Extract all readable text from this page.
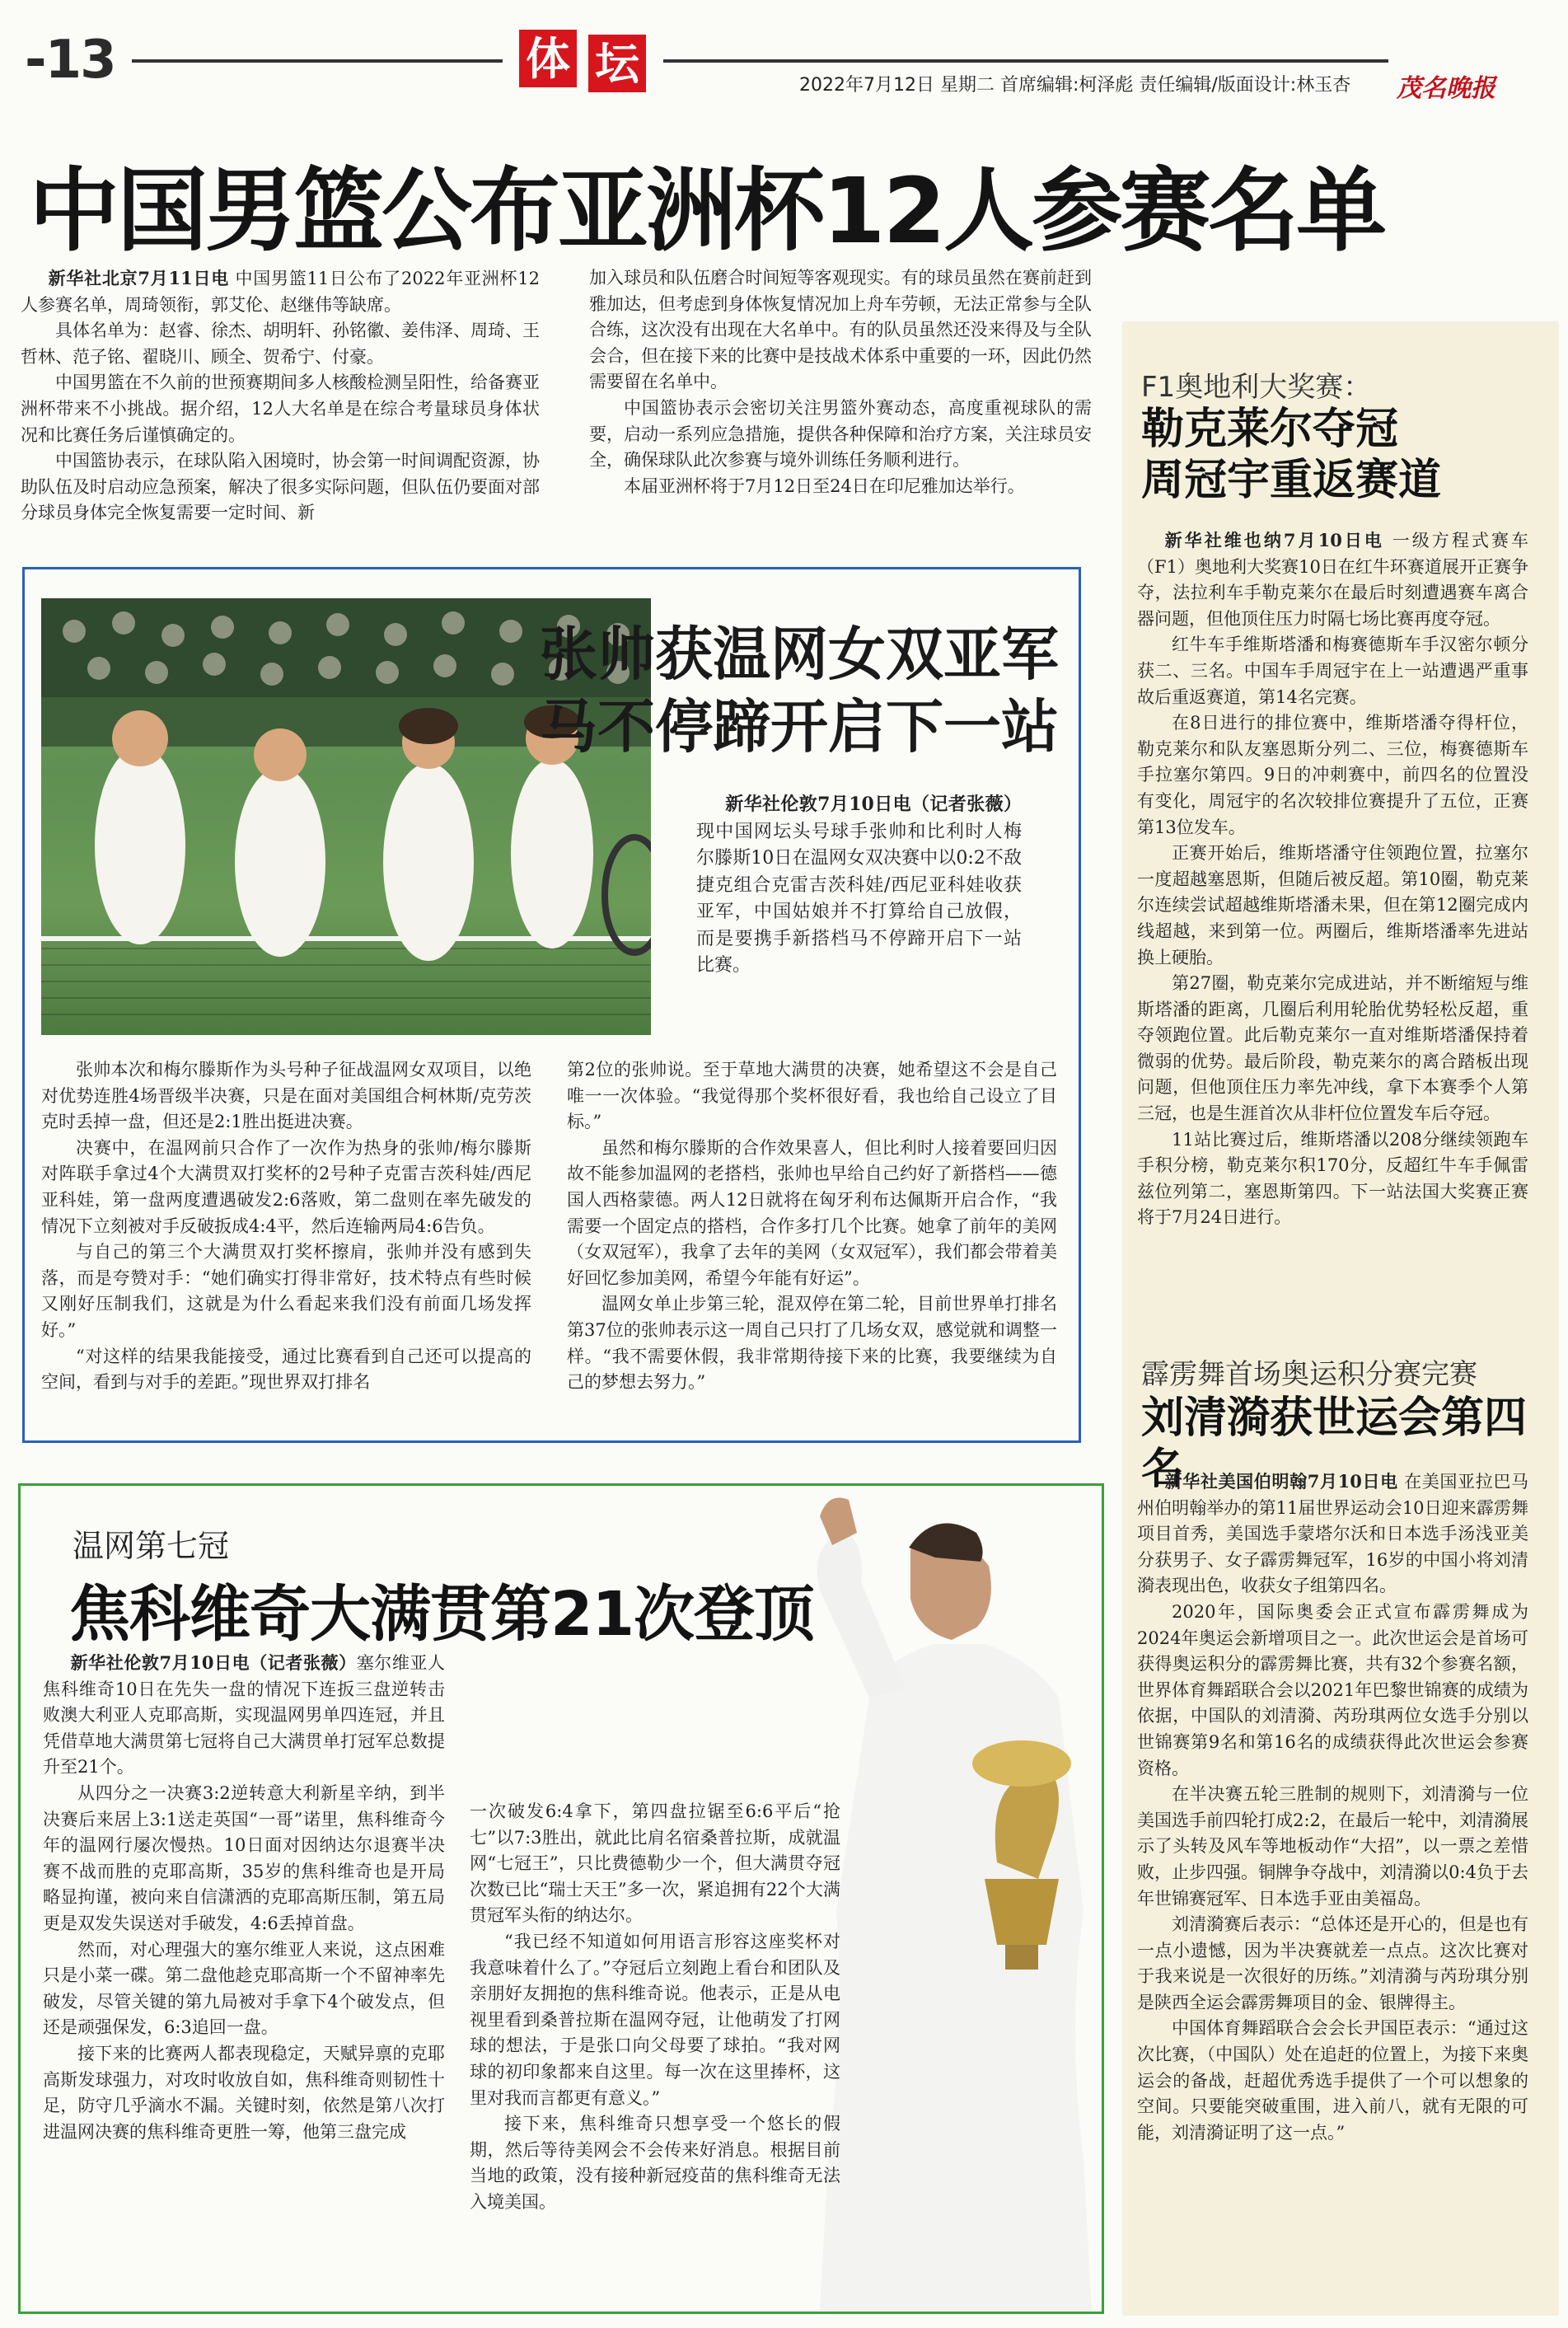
-13	体 坛	2022年7月12日 星期二 首席编辑:柯泽彪 责任编辑/版面设计:林玉杏 茂名晚报
中国男篮公布亚洲杯12人参赛名单

新华社北京7月11日电 中国男篮11日公布了2022年亚洲杯12人参赛名单，周琦领衔，郭艾伦、赵继伟等缺席。

具体名单为：赵睿、徐杰、胡明轩、孙铭徽、姜伟泽、周琦、王哲林、范子铭、翟晓川、顾全、贺希宁、付豪。

中国男篮在不久前的世预赛期间多人核酸检测呈阳性，给备赛亚洲杯带来不小挑战。据介绍，12人大名单是在综合考量球员身体状况和比赛任务后谨慎确定的。

中国篮协表示，在球队陷入困境时，协会第一时间调配资源，协助队伍及时启动应急预案，解决了很多实际问题，但队伍仍要面对部分球员身体完全恢复需要一定时间、新

加入球员和队伍磨合时间短等客观现实。有的球员虽然在赛前赶到雅加达，但考虑到身体恢复情况加上舟车劳顿，无法正常参与全队合练，这次没有出现在大名单中。有的队员虽然还没来得及与全队会合，但在接下来的比赛中是技战术体系中重要的一环，因此仍然需要留在名单中。

中国篮协表示会密切关注男篮外赛动态，高度重视球队的需要，启动一系列应急措施，提供各种保障和治疗方案，关注球员安全，确保球队此次参赛与境外训练任务顺利进行。

本届亚洲杯将于7月12日至24日在印尼雅加达举行。

张帅获温网女双亚军
马不停蹄开启下一站

新华社伦敦7月10日电（记者张薇）现中国网坛头号球手张帅和比利时人梅尔滕斯10日在温网女双决赛中以0:2不敌捷克组合克雷吉茨科娃/西尼亚科娃收获亚军，中国姑娘并不打算给自己放假，而是要携手新搭档马不停蹄开启下一站比赛。

张帅本次和梅尔滕斯作为头号种子征战温网女双项目，以绝对优势连胜4场晋级半决赛，只是在面对美国组合柯林斯/克劳茨克时丢掉一盘，但还是2:1胜出挺进决赛。

决赛中，在温网前只合作了一次作为热身的张帅/梅尔滕斯对阵联手拿过4个大满贯双打奖杯的2号种子克雷吉茨科娃/西尼亚科娃，第一盘两度遭遇破发2:6落败，第二盘则在率先破发的情况下立刻被对手反破扳成4:4平，然后连输两局4:6告负。

与自己的第三个大满贯双打奖杯擦肩，张帅并没有感到失落，而是夸赞对手：“她们确实打得非常好，技术特点有些时候又刚好压制我们，这就是为什么看起来我们没有前面几场发挥好。”

“对这样的结果我能接受，通过比赛看到自己还可以提高的空间，看到与对手的差距。”现世界双打排名

第2位的张帅说。至于草地大满贯的决赛，她希望这不会是自己唯一一次体验。“我觉得那个奖杯很好看，我也给自己设立了目标。”

虽然和梅尔滕斯的合作效果喜人，但比利时人接着要回归因故不能参加温网的老搭档，张帅也早给自己约好了新搭档——德国人西格蒙德。两人12日就将在匈牙利布达佩斯开启合作，“我需要一个固定点的搭档，合作多打几个比赛。她拿了前年的美网（女双冠军），我拿了去年的美网（女双冠军），我们都会带着美好回忆参加美网，希望今年能有好运”。

温网女单止步第三轮，混双停在第二轮，目前世界单打排名第37位的张帅表示这一周自己只打了几场女双，感觉就和调整一样。“我不需要休假，我非常期待接下来的比赛，我要继续为自己的梦想去努力。”

温网第七冠
焦科维奇大满贯第21次登顶

新华社伦敦7月10日电（记者张薇）塞尔维亚人焦科维奇10日在先失一盘的情况下连扳三盘逆转击败澳大利亚人克耶高斯，实现温网男单四连冠，并且凭借草地大满贯第七冠将自己大满贯单打冠军总数提升至21个。

从四分之一决赛3:2逆转意大利新星辛纳，到半决赛后来居上3:1送走英国“一哥”诺里，焦科维奇今年的温网行屡次慢热。10日面对因纳达尔退赛半决赛不战而胜的克耶高斯，35岁的焦科维奇也是开局略显拘谨，被向来自信潇洒的克耶高斯压制，第五局更是双发失误送对手破发，4:6丢掉首盘。

然而，对心理强大的塞尔维亚人来说，这点困难只是小菜一碟。第二盘他趁克耶高斯一个不留神率先破发，尽管关键的第九局被对手拿下4个破发点，但还是顽强保发，6:3追回一盘。

接下来的比赛两人都表现稳定，天赋异禀的克耶高斯发球强力，对攻时收放自如，焦科维奇则韧性十足，防守几乎滴水不漏。关键时刻，依然是第八次打进温网决赛的焦科维奇更胜一筹，他第三盘完成

一次破发6:4拿下，第四盘拉锯至6:6平后“抢七”以7:3胜出，就此比肩名宿桑普拉斯，成就温网“七冠王”，只比费德勒少一个，但大满贯夺冠次数已比“瑞士天王”多一次，紧追拥有22个大满贯冠军头衔的纳达尔。

“我已经不知道如何用语言形容这座奖杯对我意味着什么了。”夺冠后立刻跑上看台和团队及亲朋好友拥抱的焦科维奇说。他表示，正是从电视里看到桑普拉斯在温网夺冠，让他萌发了打网球的想法，于是张口向父母要了球拍。“我对网球的初印象都来自这里。每一次在这里捧杯，这里对我而言都更有意义。”

接下来，焦科维奇只想享受一个悠长的假期，然后等待美网会不会传来好消息。根据目前当地的政策，没有接种新冠疫苗的焦科维奇无法入境美国。

F1奥地利大奖赛：
勒克莱尔夺冠
周冠宇重返赛道

新华社维也纳7月10日电 一级方程式赛车（F1）奥地利大奖赛10日在红牛环赛道展开正赛争夺，法拉利车手勒克莱尔在最后时刻遭遇赛车离合器问题，但他顶住压力时隔七场比赛再度夺冠。

红牛车手维斯塔潘和梅赛德斯车手汉密尔顿分获二、三名。中国车手周冠宇在上一站遭遇严重事故后重返赛道，第14名完赛。

在8日进行的排位赛中，维斯塔潘夺得杆位，勒克莱尔和队友塞恩斯分列二、三位，梅赛德斯车手拉塞尔第四。9日的冲刺赛中，前四名的位置没有变化，周冠宇的名次较排位赛提升了五位，正赛第13位发车。

正赛开始后，维斯塔潘守住领跑位置，拉塞尔一度超越塞恩斯，但随后被反超。第10圈，勒克莱尔连续尝试超越维斯塔潘未果，但在第12圈完成内线超越，来到第一位。两圈后，维斯塔潘率先进站换上硬胎。

第27圈，勒克莱尔完成进站，并不断缩短与维斯塔潘的距离，几圈后利用轮胎优势轻松反超，重夺领跑位置。此后勒克莱尔一直对维斯塔潘保持着微弱的优势。最后阶段，勒克莱尔的离合踏板出现问题，但他顶住压力率先冲线，拿下本赛季个人第三冠，也是生涯首次从非杆位位置发车后夺冠。

11站比赛过后，维斯塔潘以208分继续领跑车手积分榜，勒克莱尔积170分，反超红牛车手佩雷兹位列第二，塞恩斯第四。下一站法国大奖赛正赛将于7月24日进行。

霹雳舞首场奥运积分赛完赛
刘清漪获世运会第四名

新华社美国伯明翰7月10日电 在美国亚拉巴马州伯明翰举办的第11届世界运动会10日迎来霹雳舞项目首秀，美国选手蒙塔尔沃和日本选手汤浅亚美分获男子、女子霹雳舞冠军，16岁的中国小将刘清漪表现出色，收获女子组第四名。

2020年，国际奥委会正式宣布霹雳舞成为2024年奥运会新增项目之一。此次世运会是首场可获得奥运积分的霹雳舞比赛，共有32个参赛名额，世界体育舞蹈联合会以2021年巴黎世锦赛的成绩为依据，中国队的刘清漪、芮玢琪两位女选手分别以世锦赛第9名和第16名的成绩获得此次世运会参赛资格。

在半决赛五轮三胜制的规则下，刘清漪与一位美国选手前四轮打成2:2，在最后一轮中，刘清漪展示了头转及风车等地板动作“大招”，以一票之差惜败，止步四强。铜牌争夺战中，刘清漪以0:4负于去年世锦赛冠军、日本选手亚由美福岛。

刘清漪赛后表示：“总体还是开心的，但是也有一点小遗憾，因为半决赛就差一点点。这次比赛对于我来说是一次很好的历练。”刘清漪与芮玢琪分别是陕西全运会霹雳舞项目的金、银牌得主。

中国体育舞蹈联合会会长尹国臣表示：“通过这次比赛，（中国队）处在追赶的位置上，为接下来奥运会的备战，赶超优秀选手提供了一个可以想象的空间。只要能突破重围，进入前八，就有无限的可能，刘清漪证明了这一点。”
